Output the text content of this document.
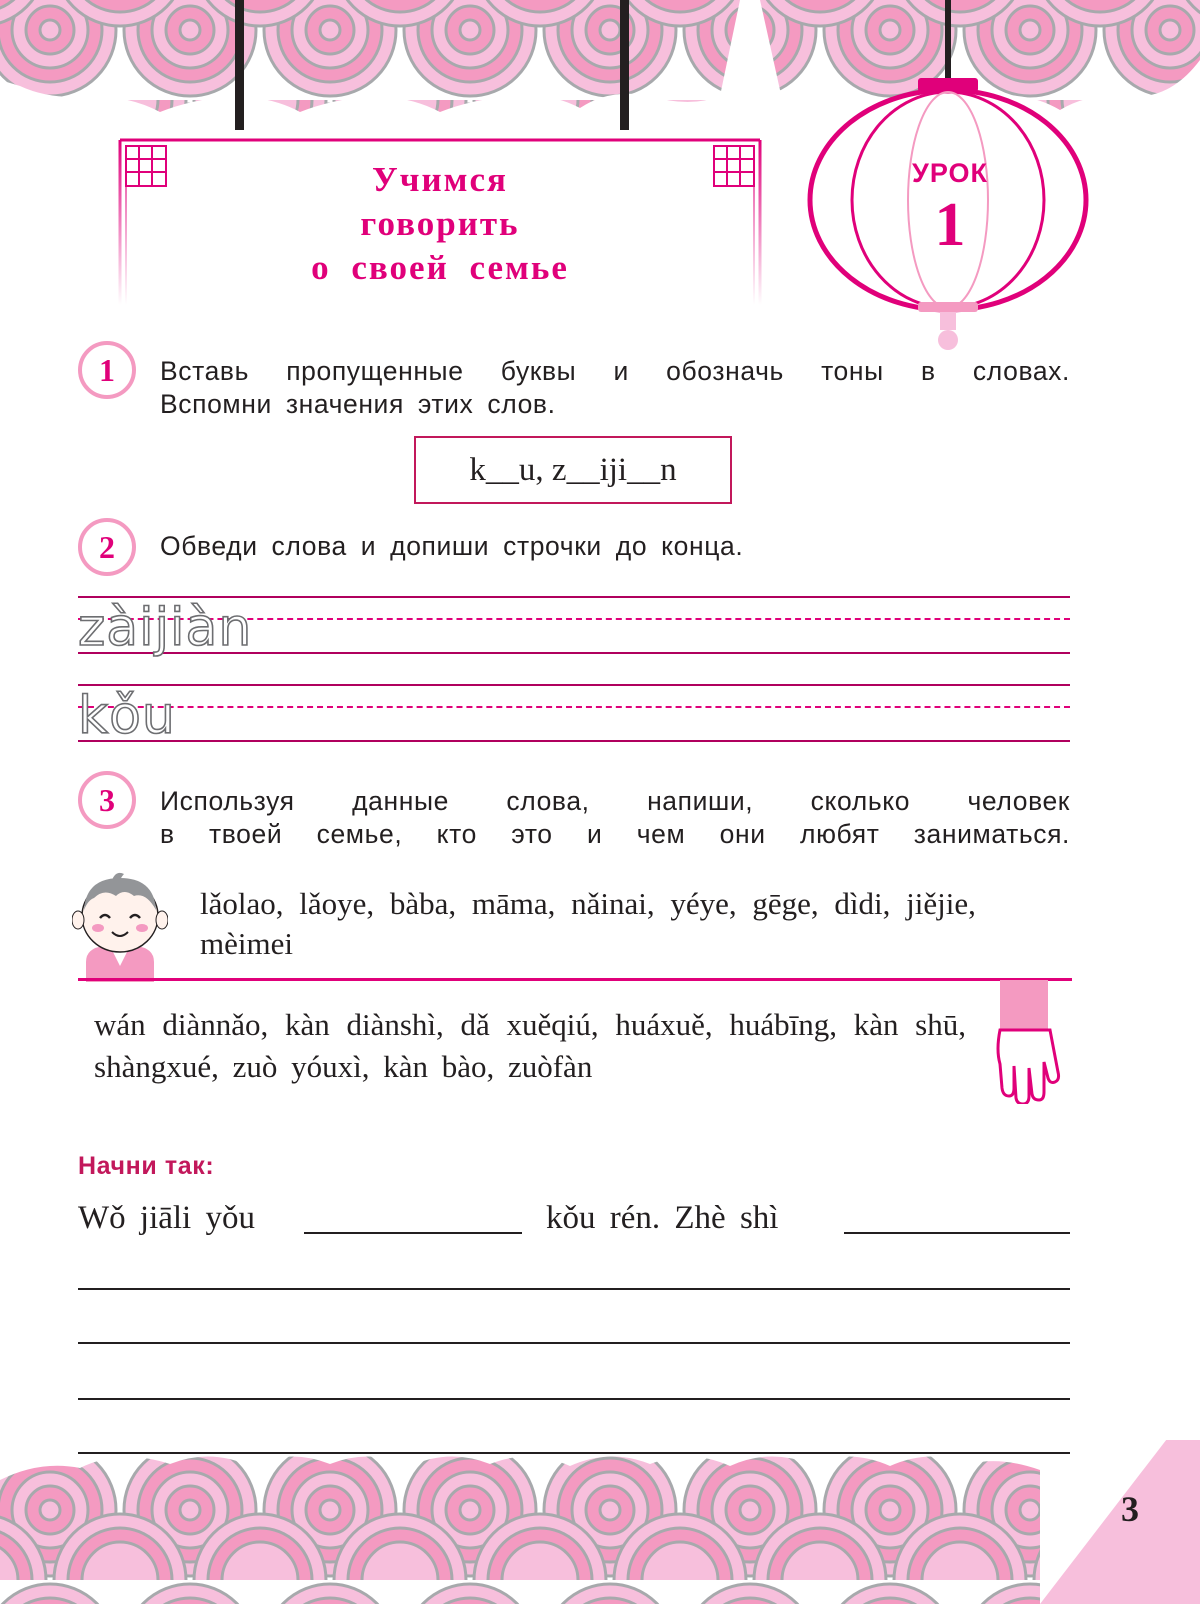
Учимся
говорить
о своей семье
УРОК
1
1	Вставь пропущенные буквы и обозначь тоны в словах.
Вспомни значения этих слов.
k__u, z__iji__n
2	Обведи слова и допиши строчки до конца.
zàijiàn
kǒu
3	Используя данные слова, напиши, сколько человек
в твоей семье, кто это и чем они любят заниматься.
lǎolao, lǎoye, bàba, māma, nǎinai, yéye, gēge, dìdi, jiějie, mèimei
wán diànnǎo, kàn diànshì, dǎ xuěqiú, huáxuě, huábīng, kàn shū, shàngxué, zuò yóuxì, kàn bào, zuòfàn
Начни так:
Wǒ jiāli yǒu	kǒu rén. Zhè shì
3
